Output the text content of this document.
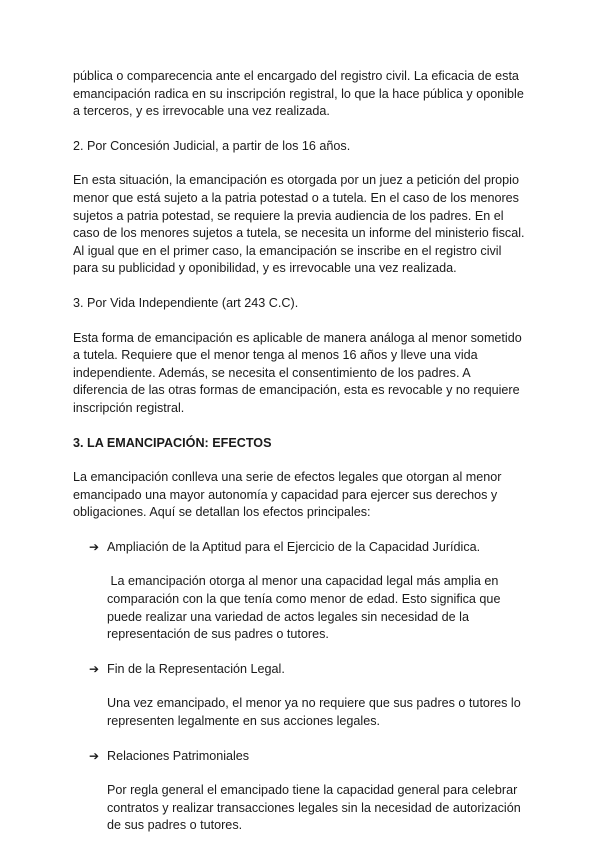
pública o comparecencia ante el encargado del registro civil. La eficacia de esta emancipación radica en su inscripción registral, lo que la hace pública y oponible a terceros, y es irrevocable una vez realizada.

2. Por Concesión Judicial, a partir de los 16 años.

En esta situación, la emancipación es otorgada por un juez a petición del propio menor que está sujeto a la patria potestad o a tutela. En el caso de los menores sujetos a patria potestad, se requiere la previa audiencia de los padres. En el caso de los menores sujetos a tutela, se necesita un informe del ministerio fiscal. Al igual que en el primer caso, la emancipación se inscribe en el registro civil para su publicidad y oponibilidad, y es irrevocable una vez realizada.

3. Por Vida Independiente (art 243 C.C).

Esta forma de emancipación es aplicable de manera análoga al menor sometido a tutela. Requiere que el menor tenga al menos 16 años y lleve una vida independiente. Además, se necesita el consentimiento de los padres. A diferencia de las otras formas de emancipación, esta es revocable y no requiere inscripción registral.

3. LA EMANCIPACIÓN: EFECTOS

La emancipación conlleva una serie de efectos legales que otorgan al menor emancipado una mayor autonomía y capacidad para ejercer sus derechos y obligaciones. Aquí se detallan los efectos principales:

➔ Ampliación de la Aptitud para el Ejercicio de la Capacidad Jurídica.

La emancipación otorga al menor una capacidad legal más amplia en comparación con la que tenía como menor de edad. Esto significa que puede realizar una variedad de actos legales sin necesidad de la representación de sus padres o tutores.

➔ Fin de la Representación Legal.

Una vez emancipado, el menor ya no requiere que sus padres o tutores lo representen legalmente en sus acciones legales.

➔ Relaciones Patrimoniales

Por regla general el emancipado tiene la capacidad general para celebrar contratos y realizar transacciones legales sin la necesidad de autorización de sus padres o tutores.
